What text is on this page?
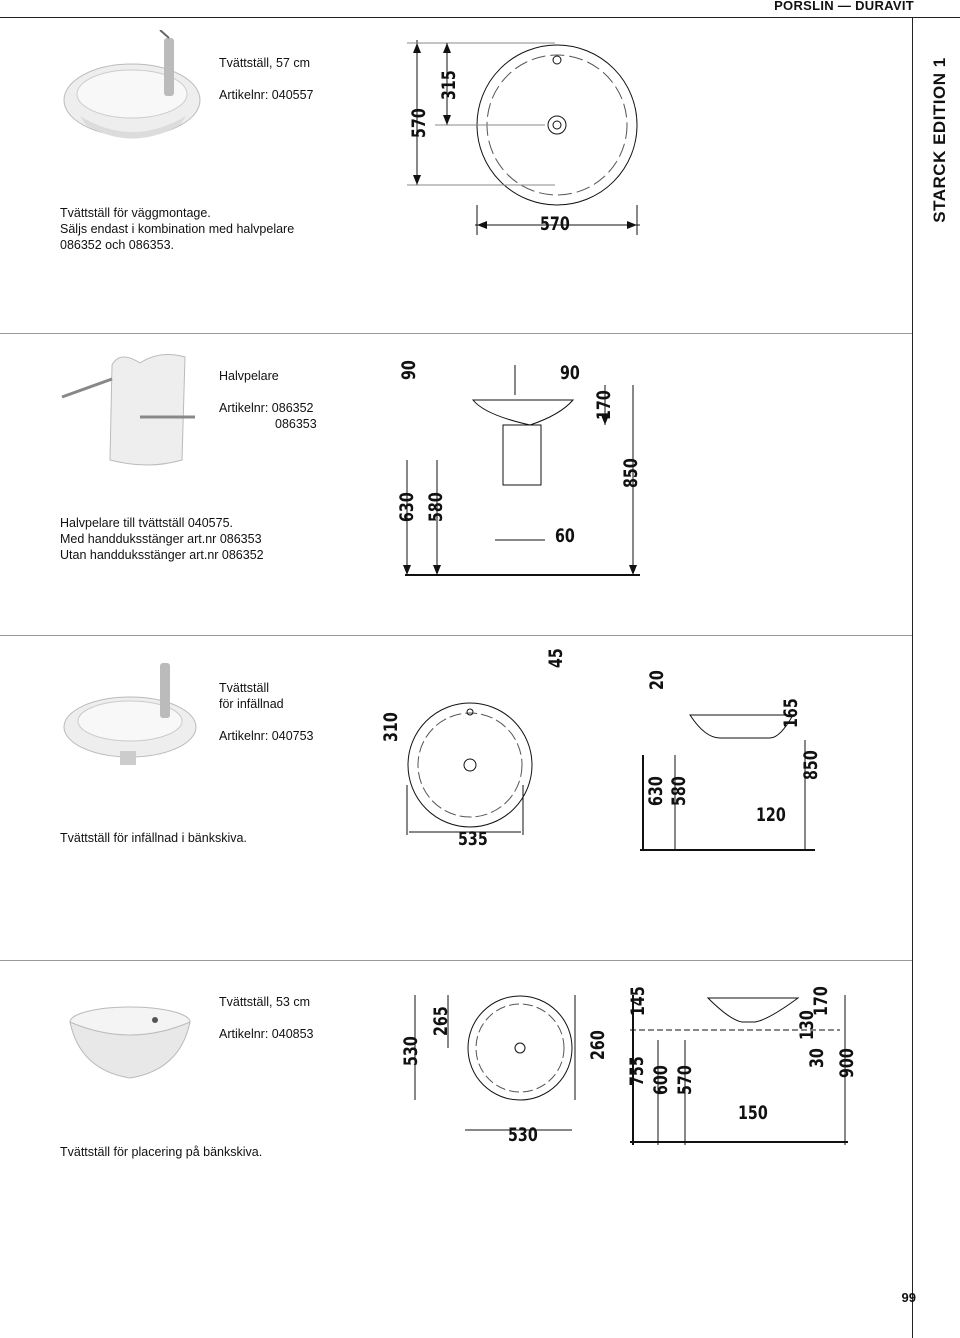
PORSLIN — DURAVIT
STARCK EDITION 1
Tvättställ, 57 cm
Artikelnr: 040557
Tvättställ för väggmontage.
Säljs endast i kombination med halvpelare
086352 och 086353.
570
315
570
Halvpelare
Artikelnr: 086352
086353
Halvpelare till tvättställ 040575.
Med handduksstänger art.nr 086353
Utan handduksstänger art.nr 086352
90	90
170
850
630 580
60
Tvättställ
för infällnad
Artikelnr: 040753
Tvättställ för infällnad i bänkskiva.
310
45
535
20
165
850
630 580
120
Tvättställ, 53 cm
Artikelnr: 040853
Tvättställ för placering på bänkskiva.
530
265
530
260
145	170
130
30 900
755 600 570
150
99
